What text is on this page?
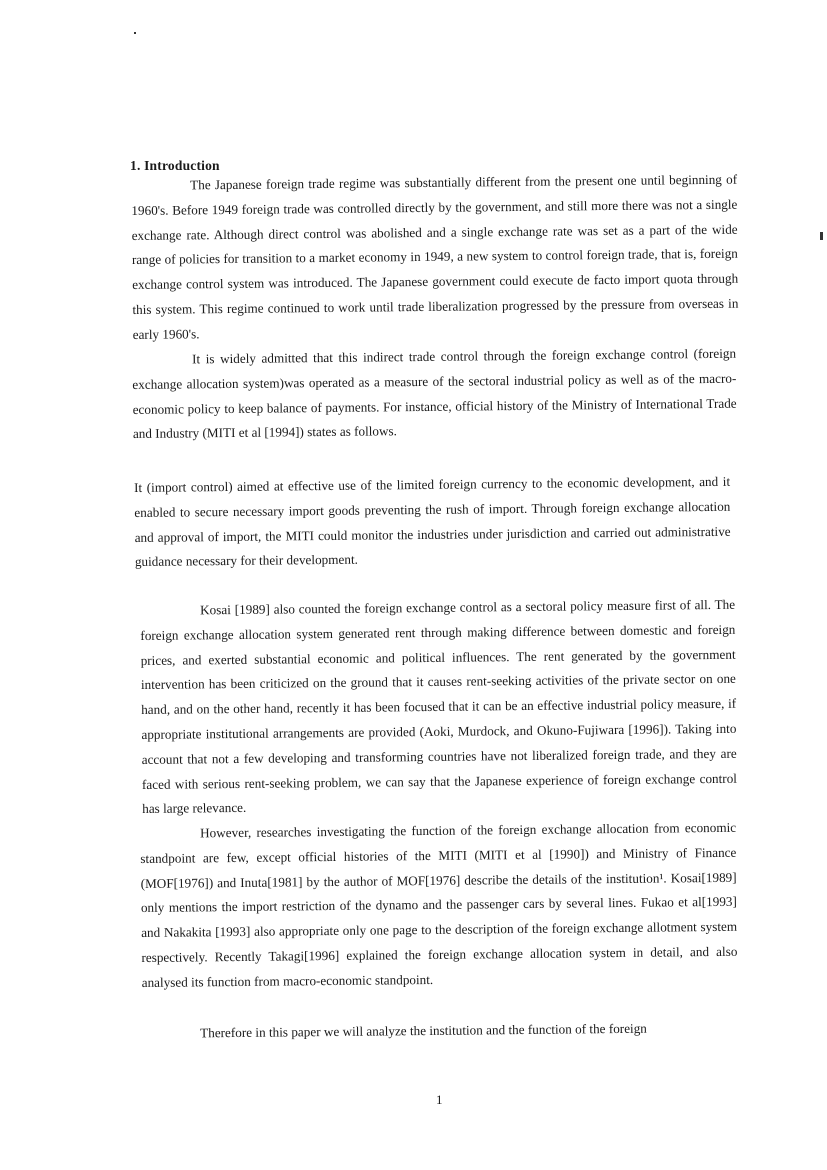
1. Introduction

The Japanese foreign trade regime was substantially different from the present one until beginning of 1960's. Before 1949 foreign trade was controlled directly by the government, and still more there was not a single exchange rate. Although direct control was abolished and a single exchange rate was set as a part of the wide range of policies for transition to a market economy in 1949, a new system to control foreign trade, that is, foreign exchange control system was introduced. The Japanese government could execute de facto import quota through this system. This regime continued to work until trade liberalization progressed by the pressure from overseas in early 1960's.

It is widely admitted that this indirect trade control through the foreign exchange control (foreign exchange allocation system)was operated as a measure of the sectoral industrial policy as well as of the macro-economic policy to keep balance of payments. For instance, official history of the Ministry of International Trade and Industry (MITI et al [1994]) states as follows.

It (import control) aimed at effective use of the limited foreign currency to the economic development, and it enabled to secure necessary import goods preventing the rush of import. Through foreign exchange allocation and approval of import, the MITI could monitor the industries under jurisdiction and carried out administrative guidance necessary for their development.

Kosai [1989] also counted the foreign exchange control as a sectoral policy measure first of all. The foreign exchange allocation system generated rent through making difference between domestic and foreign prices, and exerted substantial economic and political influences. The rent generated by the government intervention has been criticized on the ground that it causes rent-seeking activities of the private sector on one hand, and on the other hand, recently it has been focused that it can be an effective industrial policy measure, if appropriate institutional arrangements are provided (Aoki, Murdock, and Okuno-Fujiwara [1996]). Taking into account that not a few developing and transforming countries have not liberalized foreign trade, and they are faced with serious rent-seeking problem, we can say that the Japanese experience of foreign exchange control has large relevance.

However, researches investigating the function of the foreign exchange allocation from economic standpoint are few, except official histories of the MITI (MITI et al [1990]) and Ministry of Finance (MOF[1976]) and Inuta[1981] by the author of MOF[1976] describe the details of the institution¹. Kosai[1989] only mentions the import restriction of the dynamo and the passenger cars by several lines. Fukao et al[1993] and Nakakita [1993] also appropriate only one page to the description of the foreign exchange allotment system respectively. Recently Takagi[1996] explained the foreign exchange allocation system in detail, and also analysed its function from macro-economic standpoint.

Therefore in this paper we will analyze the institution and the function of the foreign

1
